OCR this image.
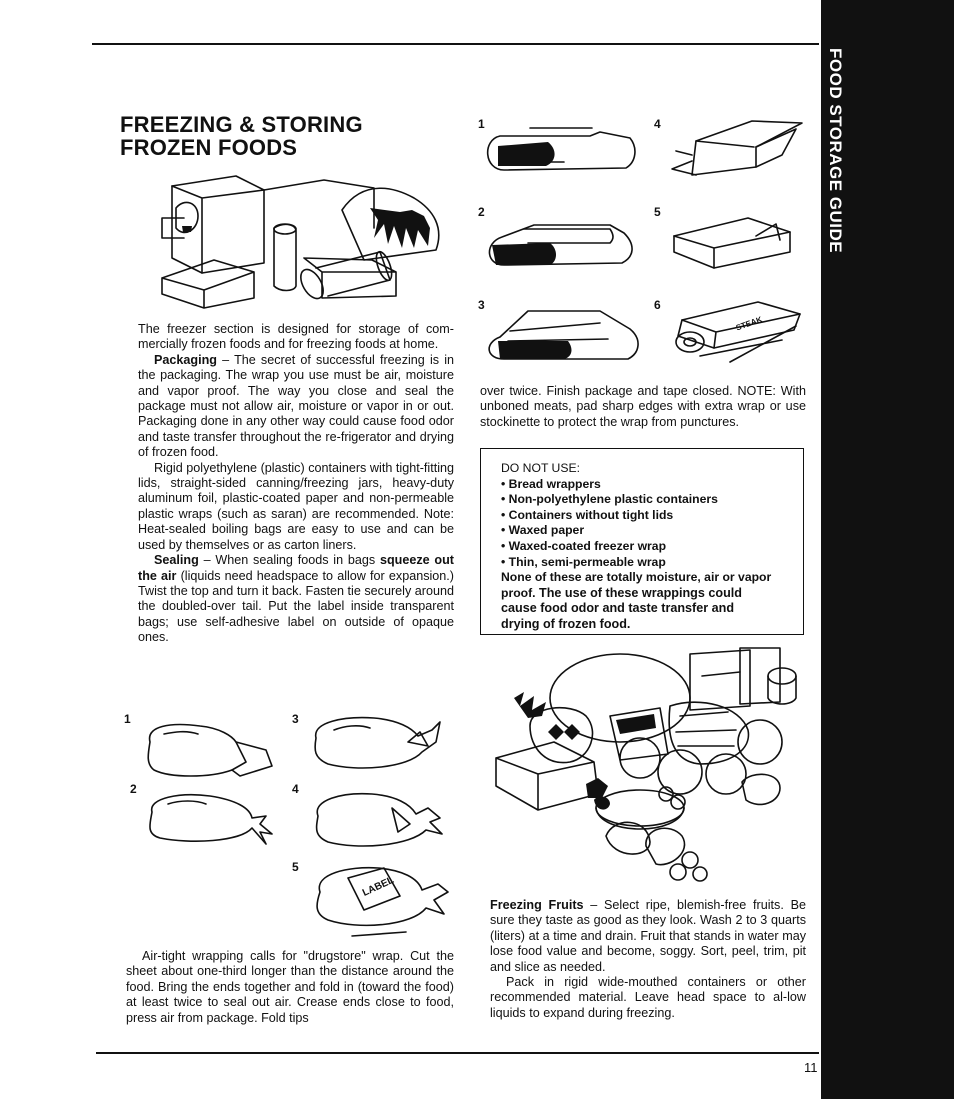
FOOD STORAGE GUIDE
FREEZING & STORING FROZEN FOODS

The freezer section is designed for storage of com-mercially frozen foods and for freezing foods at home.

Packaging – The secret of successful freezing is in the packaging. The wrap you use must be air, moisture and vapor proof. The way you close and seal the package must not allow air, moisture or vapor in or out. Packaging done in any other way could cause food odor and taste transfer throughout the re-frigerator and drying of frozen food.

Rigid polyethylene (plastic) containers with tight-fitting lids, straight-sided canning/freezing jars, heavy-duty aluminum foil, plastic-coated paper and non-permeable plastic wraps (such as saran) are recommended. Note: Heat-sealed boiling bags are easy to use and can be used by themselves or as carton liners.

Sealing – When sealing foods in bags squeeze out the air (liquids need headspace to allow for expansion.) Twist the top and turn it back. Fasten tie securely around the doubled-over tail. Put the label inside transparent bags; use self-adhesive label on outside of opaque ones.

1
2
3
4
5
LABEL

Air-tight wrapping calls for "drugstore" wrap. Cut the sheet about one-third longer than the distance around the food. Bring the ends together and fold in (toward the food) at least twice to seal out air. Crease ends close to food, press air from package. Fold tips

1
2
3
4
5
6
STEAK

over twice. Finish package and tape closed. NOTE: With unboned meats, pad sharp edges with extra wrap or use stockinette to protect the wrap from punctures.

DO NOT USE:
• Bread wrappers
• Non-polyethylene plastic containers
• Containers without tight lids
• Waxed paper
• Waxed-coated freezer wrap
• Thin, semi-permeable wrap
None of these are totally moisture, air or vapor
proof. The use of these wrappings could
cause food odor and taste transfer and
drying of frozen food.

Freezing Fruits – Select ripe, blemish-free fruits. Be sure they taste as good as they look. Wash 2 to 3 quarts (liters) at a time and drain. Fruit that stands in water may lose food value and become, soggy. Sort, peel, trim, pit and slice as needed.

Pack in rigid wide-mouthed containers or other recommended material. Leave head space to al-low liquids to expand during freezing.

11
